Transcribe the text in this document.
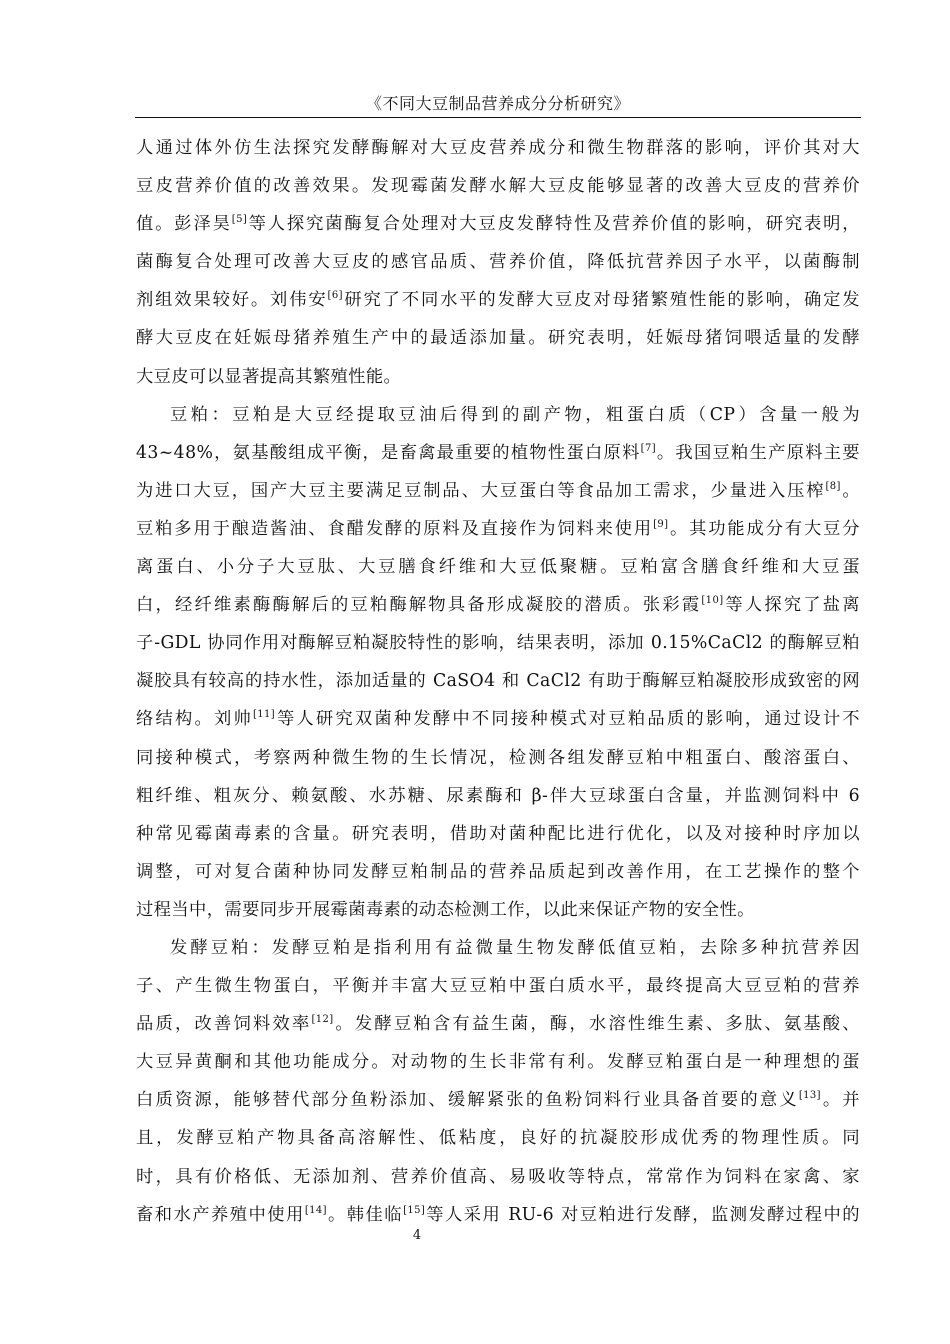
《不同大豆制品营养成分分析研究》
人通过体外仿生法探究发酵酶解对大豆皮营养成分和微生物群落的影响，评价其对大
豆皮营养价值的改善效果。发现霉菌发酵水解大豆皮能够显著的改善大豆皮的营养价
值。彭泽昊[5]等人探究菌酶复合处理对大豆皮发酵特性及营养价值的影响，研究表明，
菌酶复合处理可改善大豆皮的感官品质、营养价值，降低抗营养因子水平，以菌酶制
剂组效果较好。刘伟安[6]研究了不同水平的发酵大豆皮对母猪繁殖性能的影响，确定发
酵大豆皮在妊娠母猪养殖生产中的最适添加量。研究表明，妊娠母猪饲喂适量的发酵
大豆皮可以显著提高其繁殖性能。
豆粕：豆粕是大豆经提取豆油后得到的副产物，粗蛋白质（CP）含量一般为
43~48%，氨基酸组成平衡，是畜禽最重要的植物性蛋白原料[7]。我国豆粕生产原料主要
为进口大豆，国产大豆主要满足豆制品、大豆蛋白等食品加工需求，少量进入压榨[8]。
豆粕多用于酿造酱油、食醋发酵的原料及直接作为饲料来使用[9]。其功能成分有大豆分
离蛋白、小分子大豆肽、大豆膳食纤维和大豆低聚糖。豆粕富含膳食纤维和大豆蛋
白，经纤维素酶酶解后的豆粕酶解物具备形成凝胶的潜质。张彩霞[10]等人探究了盐离
子-GDL 协同作用对酶解豆粕凝胶特性的影响，结果表明，添加 0.15%CaCl2 的酶解豆粕
凝胶具有较高的持水性，添加适量的 CaSO4 和 CaCl2 有助于酶解豆粕凝胶形成致密的网
络结构。刘帅[11]等人研究双菌种发酵中不同接种模式对豆粕品质的影响，通过设计不
同接种模式，考察两种微生物的生长情况，检测各组发酵豆粕中粗蛋白、酸溶蛋白、
粗纤维、粗灰分、赖氨酸、水苏糖、尿素酶和 β-伴大豆球蛋白含量，并监测饲料中 6
种常见霉菌毒素的含量。研究表明，借助对菌种配比进行优化，以及对接种时序加以
调整，可对复合菌种协同发酵豆粕制品的营养品质起到改善作用，在工艺操作的整个
过程当中，需要同步开展霉菌毒素的动态检测工作，以此来保证产物的安全性。
发酵豆粕：发酵豆粕是指利用有益微量生物发酵低值豆粕，去除多种抗营养因
子、产生微生物蛋白，平衡并丰富大豆豆粕中蛋白质水平，最终提高大豆豆粕的营养
品质，改善饲料效率[12]。发酵豆粕含有益生菌，酶，水溶性维生素、多肽、氨基酸、
大豆异黄酮和其他功能成分。对动物的生长非常有利。发酵豆粕蛋白是一种理想的蛋
白质资源，能够替代部分鱼粉添加、缓解紧张的鱼粉饲料行业具备首要的意义[13]。并
且，发酵豆粕产物具备高溶解性、低粘度，良好的抗凝胶形成优秀的物理性质。同
时，具有价格低、无添加剂、营养价值高、易吸收等特点，常常作为饲料在家禽、家
畜和水产养殖中使用[14]。韩佳临[15]等人采用 RU-6 对豆粕进行发酵，监测发酵过程中的
4
